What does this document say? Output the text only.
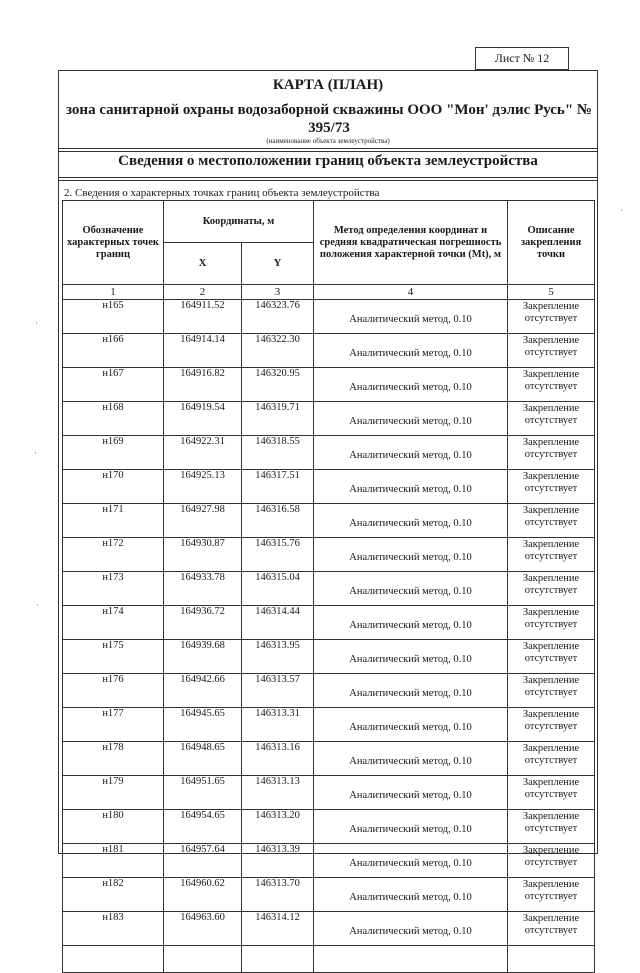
Лист № 12
КАРТА (ПЛАН)
зона санитарной охраны водозаборной скважины ООО "Мон' дэлис Русь" № 395/73
(наименование объекта землеустройства)
Сведения о местоположении границ объекта землеустройства
2. Сведения о характерных точках границ объекта землеустройства
Обозначение характерных точек границ	Координаты, м		Метод определения координат и средняя квадратическая погрешность положения характерной точки (Mt), м	Описание закрепления точки
	X	Y		
1	2	3	4	5
н165	164911.52	146323.76	Аналитический метод, 0.10	Закрепление отсутствует
н166	164914.14	146322.30	Аналитический метод, 0.10	Закрепление отсутствует
н167	164916.82	146320.95	Аналитический метод, 0.10	Закрепление отсутствует
н168	164919.54	146319.71	Аналитический метод, 0.10	Закрепление отсутствует
н169	164922.31	146318.55	Аналитический метод, 0.10	Закрепление отсутствует
н170	164925.13	146317.51	Аналитический метод, 0.10	Закрепление отсутствует
н171	164927.98	146316.58	Аналитический метод, 0.10	Закрепление отсутствует
н172	164930.87	146315.76	Аналитический метод, 0.10	Закрепление отсутствует
н173	164933.78	146315.04	Аналитический метод, 0.10	Закрепление отсутствует
н174	164936.72	146314.44	Аналитический метод, 0.10	Закрепление отсутствует
н175	164939.68	146313.95	Аналитический метод, 0.10	Закрепление отсутствует
н176	164942.66	146313.57	Аналитический метод, 0.10	Закрепление отсутствует
н177	164945.65	146313.31	Аналитический метод, 0.10	Закрепление отсутствует
н178	164948.65	146313.16	Аналитический метод, 0.10	Закрепление отсутствует
н179	164951.65	146313.13	Аналитический метод, 0.10	Закрепление отсутствует
н180	164954.65	146313.20	Аналитический метод, 0.10	Закрепление отсутствует
н181	164957.64	146313.39	Аналитический метод, 0.10	Закрепление отсутствует
н182	164960.62	146313.70	Аналитический метод, 0.10	Закрепление отсутствует
н183	164963.60	146314.12	Аналитический метод, 0.10	Закрепление отсутствует

·
·
·
·
